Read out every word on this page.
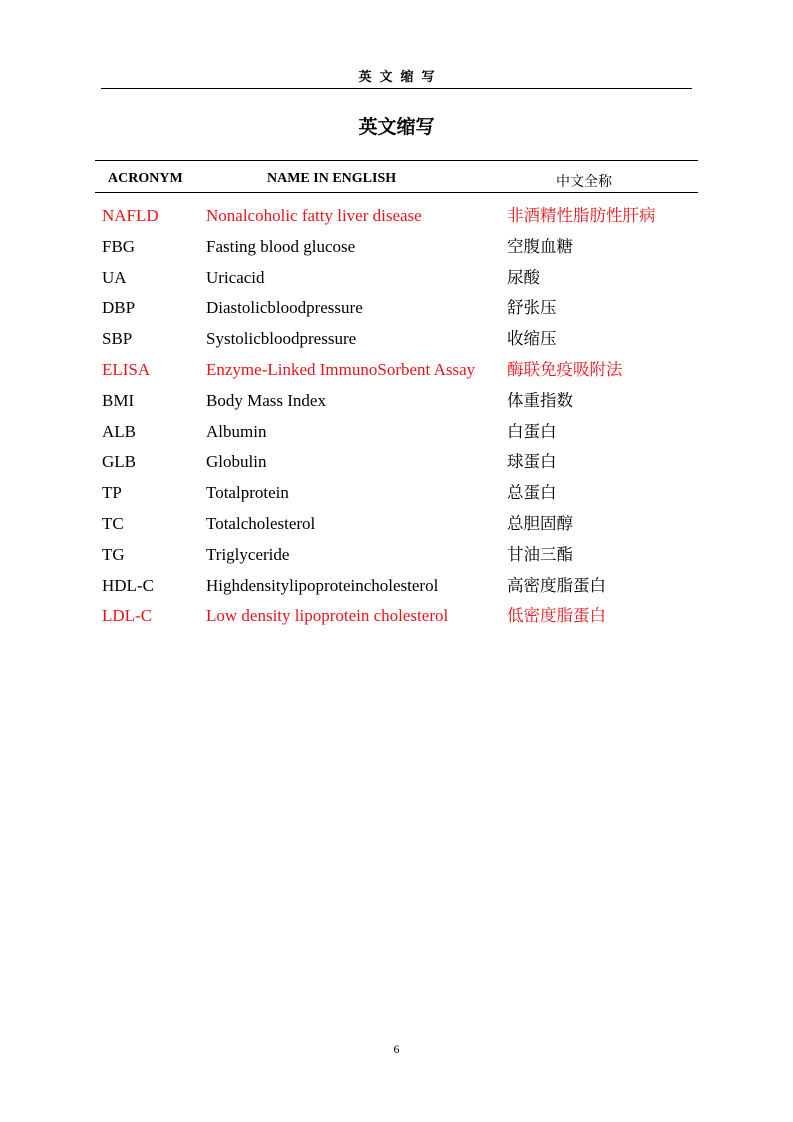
英文缩写
英文缩写
ACRONYM	NAME IN ENGLISH	中文全称
NAFLD	Nonalcoholic fatty liver disease	非酒精性脂肪性肝病
FBG	Fasting blood glucose	空腹血糖
UA	Uricacid	尿酸
DBP	Diastolicbloodpressure	舒张压
SBP	Systolicbloodpressure	收缩压
ELISA	Enzyme-Linked ImmunoSorbent Assay	酶联免疫吸附法
BMI	Body Mass Index	体重指数
ALB	Albumin	白蛋白
GLB	Globulin	球蛋白
TP	Totalprotein	总蛋白
TC	Totalcholesterol	总胆固醇
TG	Triglyceride	甘油三酯
HDL-C	Highdensitylipoproteincholesterol	高密度脂蛋白
LDL-C	Low density lipoprotein cholesterol	低密度脂蛋白
6
